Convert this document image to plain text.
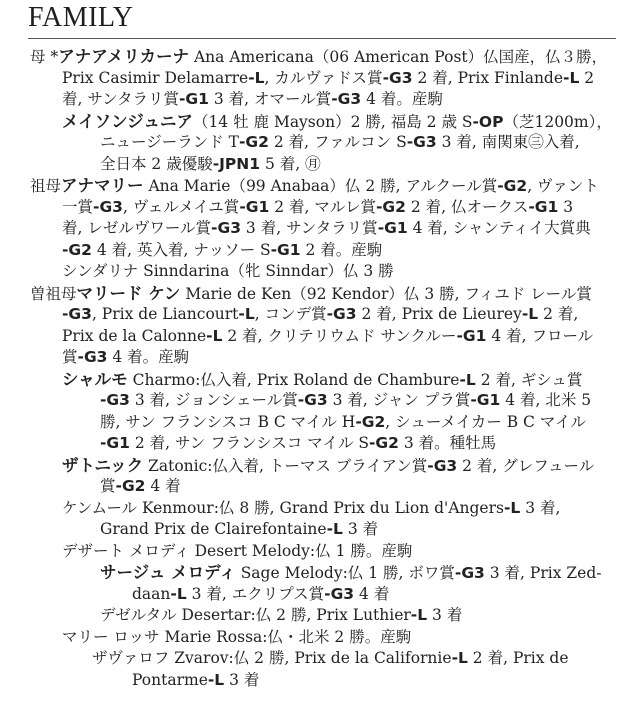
FAMILY
母 *アナアメリカーナ Ana Americana（06 American Post）仏国産，仏３勝，
Prix Casimir Delamarre-L, カルヴァドス賞-G3 2 着, Prix Finlande-L 2
着, サンタラリ賞-G1 3 着, オマール賞-G3 4 着。産駒
メイソンジュニア（14 牡 鹿 Mayson）2 勝, 福島 2 歳 S-OP（芝1200m），
ニュージーランド T-G2 2 着, ファルコン S-G3 3 着, 南関東㊂入着,
全日本 2 歳優駿-JPN1 5 着, ㊊
祖母アナマリー Ana Marie（99 Anabaa）仏 2 勝, アルクール賞-G2, ヴァント
一賞-G3, ヴェルメイユ賞-G1 2 着, マルレ賞-G2 2 着, 仏オークス-G1 3
着, レゼルヴワール賞-G3 3 着, サンタラリ賞-G1 4 着, シャンティイ大賞典
-G2 4 着, 英入着, ナッソー S-G1 2 着。産駒
シンダリナ Sinndarina（牝 Sinndar）仏 3 勝
曽祖母マリード ケン Marie de Ken（92 Kendor）仏 3 勝, フィユド レール賞
-G3, Prix de Liancourt-L, コンデ賞-G3 2 着, Prix de Lieurey-L 2 着,
Prix de la Calonne-L 2 着, クリテリウムド サンクルー-G1 4 着, フロール
賞-G3 4 着。産駒
シャルモ Charmo:仏入着, Prix Roland de Chambure-L 2 着, ギシュ賞
-G3 3 着, ジョンシェール賞-G3 3 着, ジャン プラ賞-G1 4 着, 北米 5
勝, サン フランシスコ B C マイル H-G2, シューメイカー B C マイル
-G1 2 着, サン フランシスコ マイル S-G2 3 着。種牡馬
ザトニック Zatonic:仏入着, トーマス ブライアン賞-G3 2 着, グレフュール
賞-G2 4 着
ケンムール Kenmour:仏 8 勝, Grand Prix du Lion d'Angers-L 3 着,
Grand Prix de Clairefontaine-L 3 着
デザート メロディ Desert Melody:仏 1 勝。産駒
サージュ メロディ Sage Melody:仏 1 勝, ボワ賞-G3 3 着, Prix Zed-
daan-L 3 着, エクリプス賞-G3 4 着
デゼルタル Desertar:仏 2 勝, Prix Luthier-L 3 着
マリー ロッサ Marie Rossa:仏・北米 2 勝。産駒
ザヴァロフ Zvarov:仏 2 勝, Prix de la Californie-L 2 着, Prix de
Pontarme-L 3 着
